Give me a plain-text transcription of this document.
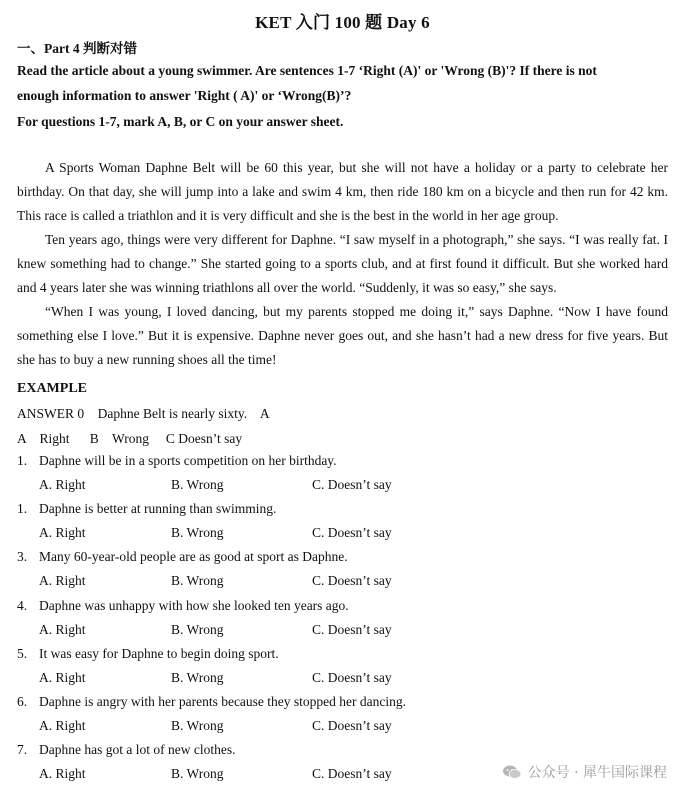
KET 入门 100 题 Day 6
一、Part 4 判断对错
Read the article about a young swimmer. Are sentences 1-7 ‘Right (A)' or 'Wrong (B)'? If there is not
enough information to answer 'Right ( A)' or ‘Wrong(B)’?
For questions 1-7, mark A, B, or C on your answer sheet.

A Sports Woman Daphne Belt will be 60 this year, but she will not have a holiday or a party to celebrate her birthday. On that day, she will jump into a lake and swim 4 km, then ride 180 km on a bicycle and then run for 42 km. This race is called a triathlon and it is very difficult and she is the best in the world in her age group.

Ten years ago, things were very different for Daphne. “I saw myself in a photograph,” she says. “I was really fat. I knew something had to change.” She started going to a sports club, and at first found it difficult. But she worked hard and 4 years later she was winning triathlons all over the world. “Suddenly, it was so easy,” she says.

“When I was young, I loved dancing, but my parents stopped me doing it,” says Daphne. “Now I have found something else I love.” But it is expensive. Daphne never goes out, and she hasn’t had a new dress for five years. But she has to buy a new running shoes all the time!

EXAMPLE
ANSWER 0    Daphne Belt is nearly sixty.    A
A    Right      B    Wrong     C Doesn’t say
1. Daphne will be in a sports competition on her birthday.
A. Right	B. Wrong	C. Doesn’t say
1. Daphne is better at running than swimming.
A. Right	B. Wrong	C. Doesn’t say
3. Many 60-year-old people are as good at sport as Daphne.
A. Right	B. Wrong	C. Doesn’t say
4. Daphne was unhappy with how she looked ten years ago.
A. Right	B. Wrong	C. Doesn’t say
5. It was easy for Daphne to begin doing sport.
A. Right	B. Wrong	C. Doesn’t say
6. Daphne is angry with her parents because they stopped her dancing.
A. Right	B. Wrong	C. Doesn’t say
7. Daphne has got a lot of new clothes.
A. Right	B. Wrong	C. Doesn’t say	公众号 · 犀牛国际课程
